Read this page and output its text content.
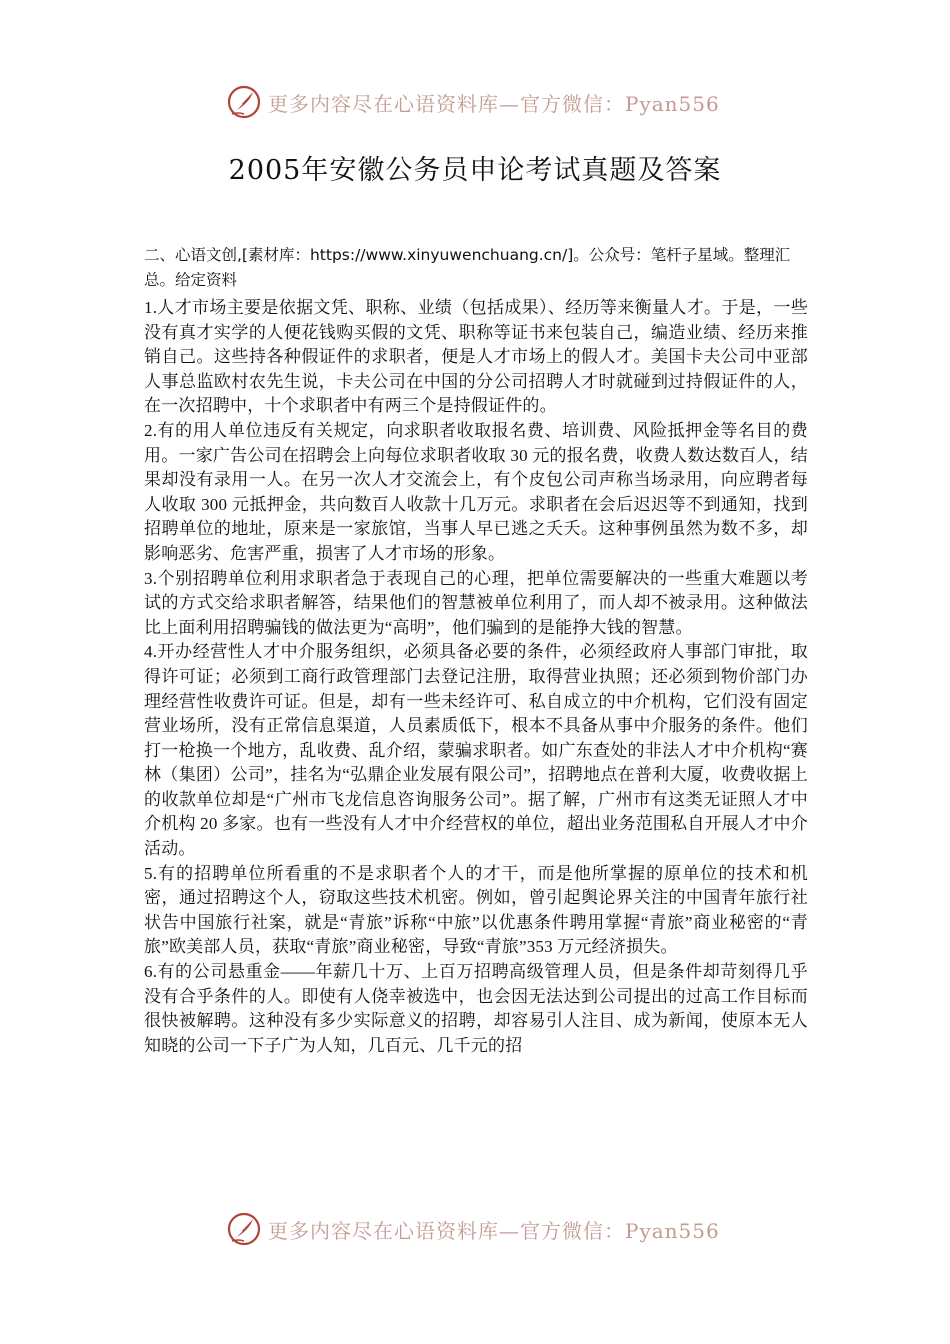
更多内容尽在心语资料库—官方微信：Pyan556
2005年安徽公务员申论考试真题及答案

二、心语文创,[素材库：https://www.xinyuwenchuang.cn/]。公众号：笔杆子星域。整理汇总。给定资料

1.人才市场主要是依据文凭、职称、业绩（包括成果）、经历等来衡量人才。于是，一些没有真才实学的人便花钱购买假的文凭、职称等证书来包装自己，编造业绩、经历来推销自己。这些持各种假证件的求职者，便是人才市场上的假人才。美国卡夫公司中亚部人事总监欧村农先生说，卡夫公司在中国的分公司招聘人才时就碰到过持假证件的人，在一次招聘中，十个求职者中有两三个是持假证件的。

2.有的用人单位违反有关规定，向求职者收取报名费、培训费、风险抵押金等名目的费用。一家广告公司在招聘会上向每位求职者收取 30 元的报名费，收费人数达数百人，结果却没有录用一人。在另一次人才交流会上，有个皮包公司声称当场录用，向应聘者每人收取 300 元抵押金，共向数百人收款十几万元。求职者在会后迟迟等不到通知，找到招聘单位的地址，原来是一家旅馆，当事人早已逃之夭夭。这种事例虽然为数不多，却影响恶劣、危害严重，损害了人才市场的形象。

3.个别招聘单位利用求职者急于表现自己的心理，把单位需要解决的一些重大难题以考试的方式交给求职者解答，结果他们的智慧被单位利用了，而人却不被录用。这种做法比上面利用招聘骗钱的做法更为“高明”，他们骗到的是能挣大钱的智慧。

4.开办经营性人才中介服务组织，必须具备必要的条件，必须经政府人事部门审批，取得许可证；必须到工商行政管理部门去登记注册，取得营业执照；还必须到物价部门办理经营性收费许可证。但是，却有一些未经许可、私自成立的中介机构，它们没有固定营业场所，没有正常信息渠道，人员素质低下，根本不具备从事中介服务的条件。他们打一枪换一个地方，乱收费、乱介绍，蒙骗求职者。如广东查处的非法人才中介机构“赛林（集团）公司”，挂名为“弘鼎企业发展有限公司”，招聘地点在普利大厦，收费收据上的收款单位却是“广州市飞龙信息咨询服务公司”。据了解，广州市有这类无证照人才中介机构 20 多家。也有一些没有人才中介经营权的单位，超出业务范围私自开展人才中介活动。

5.有的招聘单位所看重的不是求职者个人的才干，而是他所掌握的原单位的技术和机密，通过招聘这个人，窃取这些技术机密。例如，曾引起舆论界关注的中国青年旅行社状告中国旅行社案，就是“青旅”诉称“中旅”以优惠条件聘用掌握“青旅”商业秘密的“青旅”欧美部人员，获取“青旅”商业秘密，导致“青旅”353 万元经济损失。

6.有的公司悬重金——年薪几十万、上百万招聘高级管理人员，但是条件却苛刻得几乎没有合乎条件的人。即使有人侥幸被选中，也会因无法达到公司提出的过高工作目标而很快被解聘。这种没有多少实际意义的招聘，却容易引人注目、成为新闻，使原本无人知晓的公司一下子广为人知，几百元、几千元的招

更多内容尽在心语资料库—官方微信：Pyan556
